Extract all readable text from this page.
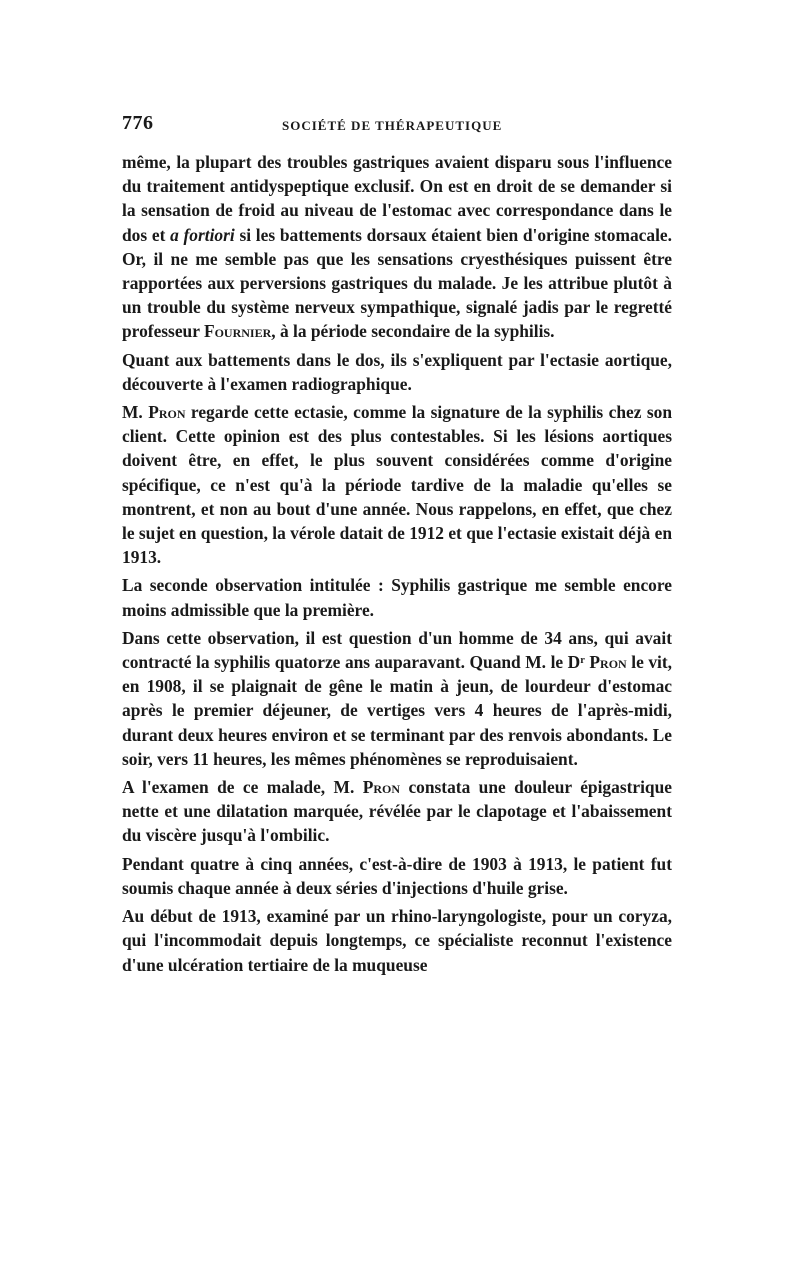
776	SOCIÉTÉ DE THÉRAPEUTIQUE

même, la plupart des troubles gastriques avaient disparu sous l'influence du traitement antidyspeptique exclusif. On est en droit de se demander si la sensation de froid au niveau de l'estomac avec correspondance dans le dos et a fortiori si les battements dorsaux étaient bien d'origine stomacale. Or, il ne me semble pas que les sensations cryesthésiques puissent être rapportées aux perversions gastriques du malade. Je les attribue plutôt à un trouble du système nerveux sympathique, signalé jadis par le regretté professeur Fournier, à la période secondaire de la syphilis.

Quant aux battements dans le dos, ils s'expliquent par l'ectasie aortique, découverte à l'examen radiographique.

M. Pron regarde cette ectasie, comme la signature de la syphilis chez son client. Cette opinion est des plus contestables. Si les lésions aortiques doivent être, en effet, le plus souvent considérées comme d'origine spécifique, ce n'est qu'à la période tardive de la maladie qu'elles se montrent, et non au bout d'une année. Nous rappelons, en effet, que chez le sujet en question, la vérole datait de 1912 et que l'ectasie existait déjà en 1913.

La seconde observation intitulée : Syphilis gastrique me semble encore moins admissible que la première.

Dans cette observation, il est question d'un homme de 34 ans, qui avait contracté la syphilis quatorze ans auparavant. Quand M. le $D^r$ Pron le vit, en 1908, il se plaignait de gêne le matin à jeun, de lourdeur d'estomac après le premier déjeuner, de vertiges vers 4 heures de l'après-midi, durant deux heures environ et se terminant par des renvois abondants. Le soir, vers 11 heures, les mêmes phénomènes se reproduisaient.

A l'examen de ce malade, M. Pron constata une douleur épigastrique nette et une dilatation marquée, révélée par le clapotage et l'abaissement du viscère jusqu'à l'ombilic.

Pendant quatre à cinq années, c'est-à-dire de 1903 à 1913, le patient fut soumis chaque année à deux séries d'injections d'huile grise.

Au début de 1913, examiné par un rhino-laryngologiste, pour un coryza, qui l'incommodait depuis longtemps, ce spécialiste reconnut l'existence d'une ulcération tertiaire de la muqueuse
